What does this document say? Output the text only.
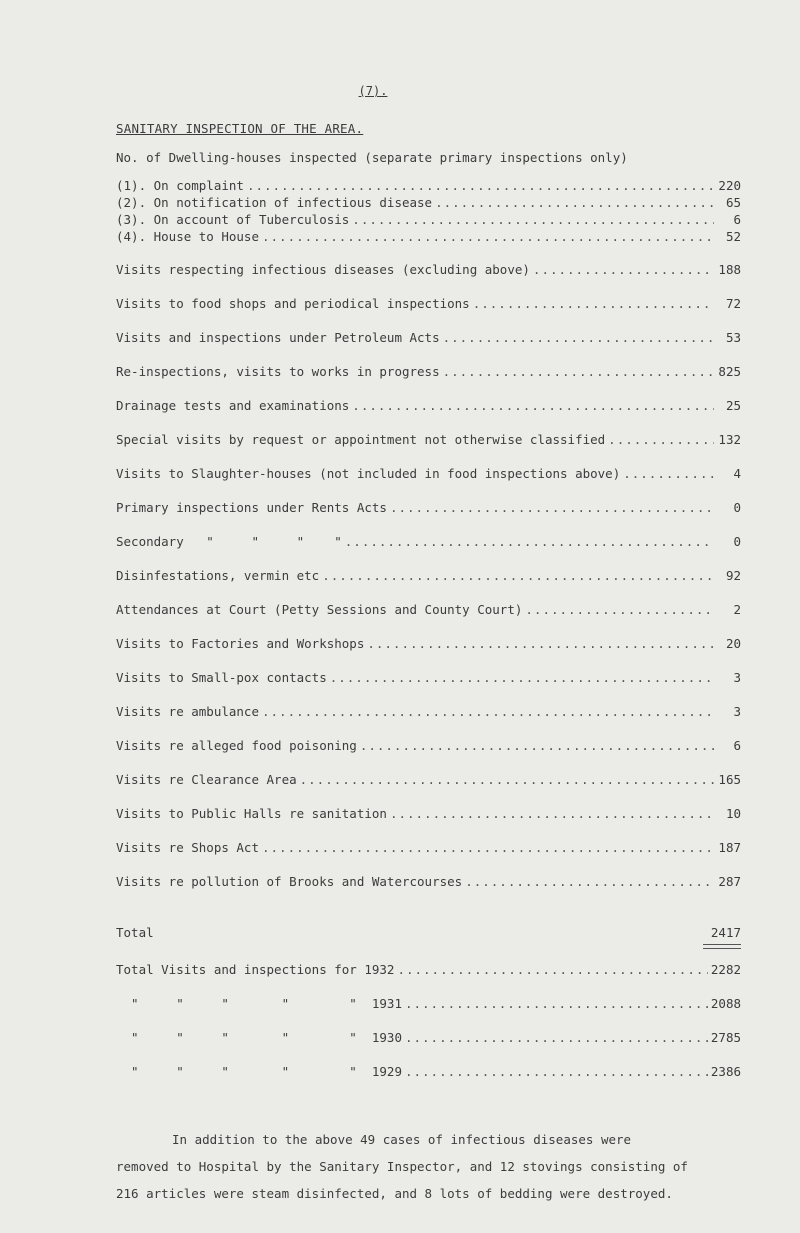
(7).
SANITARY INSPECTION OF THE AREA.
No. of Dwelling-houses inspected (separate primary inspections only)
(1). On complaint .....	220
(2). On notification of infectious disease .....	65
(3). On account of Tuberculosis .....	6
(4). House to House .....	52
Visits respecting infectious diseases (excluding above) .....	188
Visits to food shops and periodical inspections .....	72
Visits and inspections under Petroleum Acts .....	53
Re-inspections, visits to works in progress .....	825
Drainage tests and examinations .....	25
Special visits by request or appointment not otherwise classified .....	132
Visits to Slaughter-houses (not included in food inspections above) .....	4
Primary inspections under Rents Acts .....	0
Secondary   "     "     "    " .....	0
Disinfestations, vermin etc .....	92
Attendances at Court (Petty Sessions and County Court) .....	2
Visits to Factories and Workshops .....	20
Visits to Small-pox contacts .....	3
Visits re ambulance .....	3
Visits re alleged food poisoning .....	6
Visits re Clearance Area .....	165
Visits to Public Halls re sanitation .....	10
Visits re Shops Act .....	187
Visits re pollution of Brooks and Watercourses .....	287
Total	2417
Total Visits and inspections for 1932 .....	2282
"     "     "       "        "  1931 .....	2088
"     "     "       "        "  1930 .....	2785
"     "     "       "        "  1929 .....	2386
In addition to the above 49 cases of infectious diseases were
removed to Hospital by the Sanitary Inspector, and 12 stovings consisting of
216 articles were steam disinfected, and 8 lots of bedding were destroyed.
